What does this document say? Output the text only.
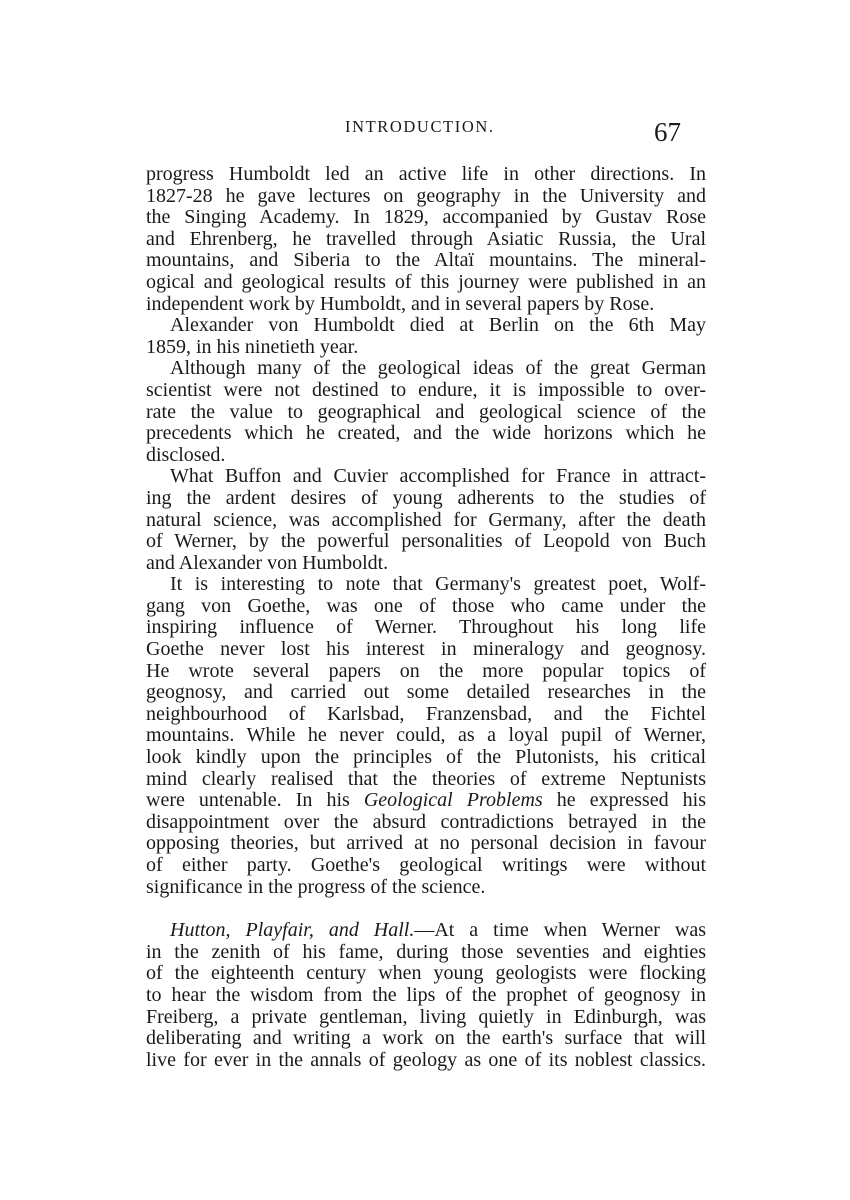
INTRODUCTION.	67
progress Humboldt led an active life in other directions. In
1827-28 he gave lectures on geography in the University and
the Singing Academy. In 1829, accompanied by Gustav Rose
and Ehrenberg, he travelled through Asiatic Russia, the Ural
mountains, and Siberia to the Altaï mountains. The mineral-
ogical and geological results of this journey were published in an
independent work by Humboldt, and in several papers by Rose.
Alexander von Humboldt died at Berlin on the 6th May
1859, in his ninetieth year.
Although many of the geological ideas of the great German
scientist were not destined to endure, it is impossible to over-
rate the value to geographical and geological science of the
precedents which he created, and the wide horizons which he
disclosed.
What Buffon and Cuvier accomplished for France in attract-
ing the ardent desires of young adherents to the studies of
natural science, was accomplished for Germany, after the death
of Werner, by the powerful personalities of Leopold von Buch
and Alexander von Humboldt.
It is interesting to note that Germany's greatest poet, Wolf-
gang von Goethe, was one of those who came under the
inspiring influence of Werner. Throughout his long life
Goethe never lost his interest in mineralogy and geognosy.
He wrote several papers on the more popular topics of
geognosy, and carried out some detailed researches in the
neighbourhood of Karlsbad, Franzensbad, and the Fichtel
mountains. While he never could, as a loyal pupil of Werner,
look kindly upon the principles of the Plutonists, his critical
mind clearly realised that the theories of extreme Neptunists
were untenable. In his Geological Problems he expressed his
disappointment over the absurd contradictions betrayed in the
opposing theories, but arrived at no personal decision in favour
of either party. Goethe's geological writings were without
significance in the progress of the science.
Hutton, Playfair, and Hall.—At a time when Werner was
in the zenith of his fame, during those seventies and eighties
of the eighteenth century when young geologists were flocking
to hear the wisdom from the lips of the prophet of geognosy in
Freiberg, a private gentleman, living quietly in Edinburgh, was
deliberating and writing a work on the earth's surface that will
live for ever in the annals of geology as one of its noblest classics.
